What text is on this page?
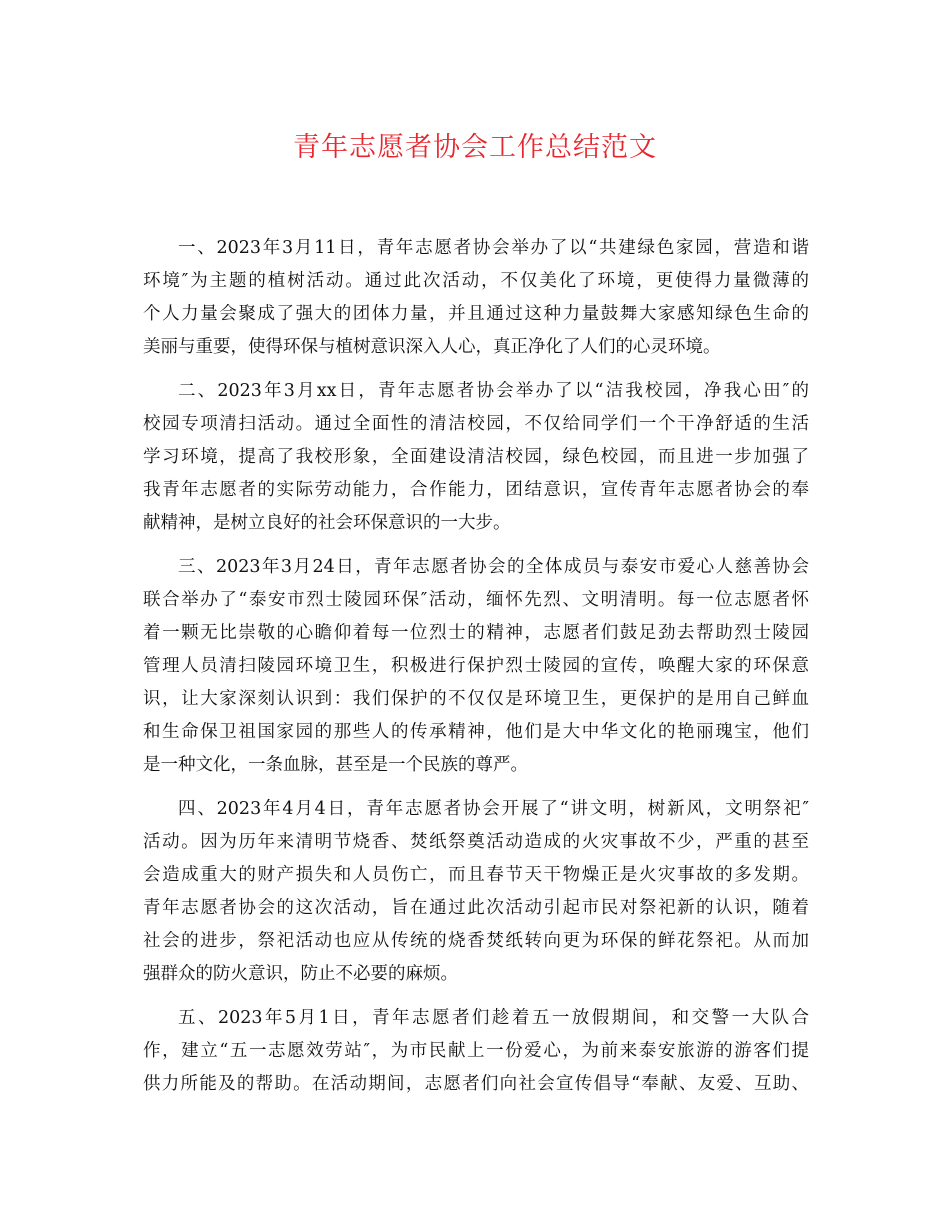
青年志愿者协会工作总结范文
一、2023年3月11日，青年志愿者协会举办了以“共建绿色家园，营造和谐
环境″为主题的植树活动。通过此次活动，不仅美化了环境，更使得力量微薄的
个人力量会聚成了强大的团体力量，并且通过这种力量鼓舞大家感知绿色生命的
美丽与重要，使得环保与植树意识深入人心，真正净化了人们的心灵环境。
二、2023年3月xx日，青年志愿者协会举办了以“洁我校园，净我心田″的
校园专项清扫活动。通过全面性的清洁校园，不仅给同学们一个干净舒适的生活
学习环境，提高了我校形象，全面建设清洁校园，绿色校园，而且进一步加强了
我青年志愿者的实际劳动能力，合作能力，团结意识，宣传青年志愿者协会的奉
献精神，是树立良好的社会环保意识的一大步。
三、2023年3月24日，青年志愿者协会的全体成员与泰安市爱心人慈善协会
联合举办了“泰安市烈士陵园环保″活动，缅怀先烈、文明清明。每一位志愿者怀
着一颗无比崇敬的心瞻仰着每一位烈士的精神，志愿者们鼓足劲去帮助烈士陵园
管理人员清扫陵园环境卫生，积极进行保护烈士陵园的宣传，唤醒大家的环保意
识，让大家深刻认识到：我们保护的不仅仅是环境卫生，更保护的是用自己鲜血
和生命保卫祖国家园的那些人的传承精神，他们是大中华文化的艳丽瑰宝，他们
是一种文化，一条血脉，甚至是一个民族的尊严。
四、2023年4月4日，青年志愿者协会开展了“讲文明，树新风，文明祭祀″
活动。因为历年来清明节烧香、焚纸祭奠活动造成的火灾事故不少，严重的甚至
会造成重大的财产损失和人员伤亡，而且春节天干物燥正是火灾事故的多发期。
青年志愿者协会的这次活动，旨在通过此次活动引起市民对祭祀新的认识，随着
社会的进步，祭祀活动也应从传统的烧香焚纸转向更为环保的鲜花祭祀。从而加
强群众的防火意识，防止不必要的麻烦。
五、2023年5月1日，青年志愿者们趁着五一放假期间，和交警一大队合
作，建立“五一志愿效劳站″，为市民献上一份爱心，为前来泰安旅游的游客们提
供力所能及的帮助。在活动期间，志愿者们向社会宣传倡导“奉献、友爱、互助、
